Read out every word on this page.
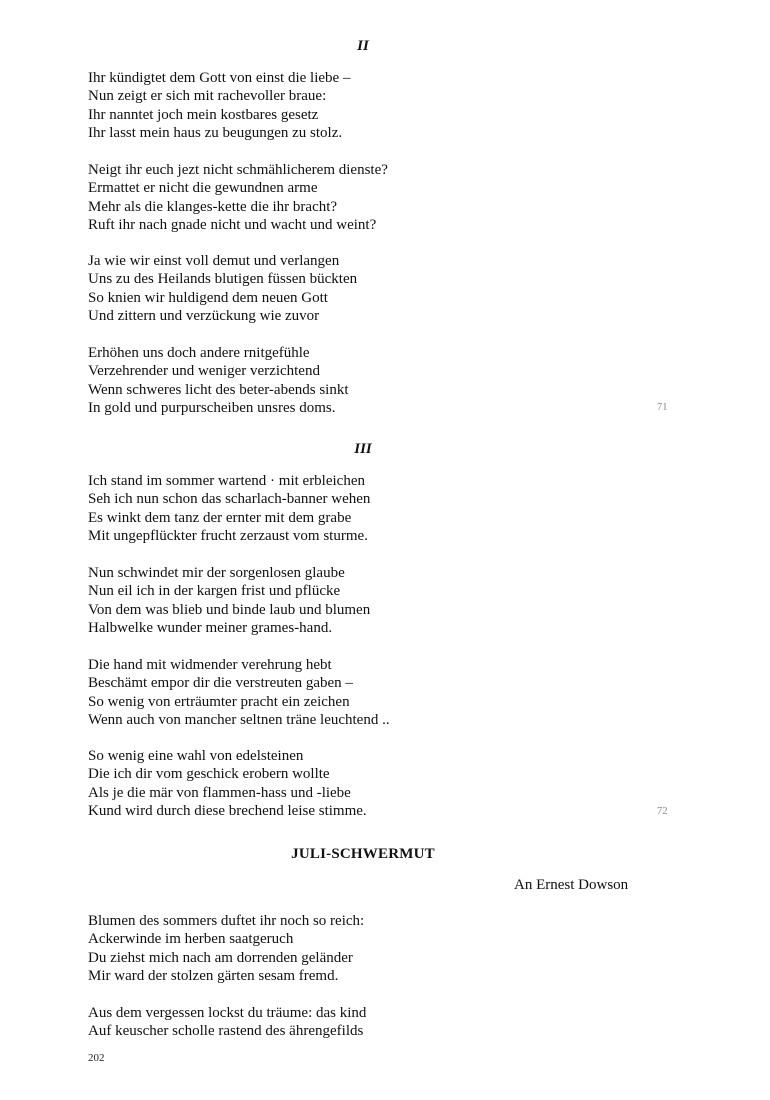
II
Ihr kündigtet dem Gott von einst die liebe –
Nun zeigt er sich mit rachevoller braue:
Ihr nanntet joch mein kostbares gesetz
Ihr lasst mein haus zu beugungen zu stolz.
Neigt ihr euch jezt nicht schmählicherem dienste?
Ermattet er nicht die gewundnen arme
Mehr als die klanges-kette die ihr bracht?
Ruft ihr nach gnade nicht und wacht und weint?
Ja wie wir einst voll demut und verlangen
Uns zu des Heilands blutigen füssen bückten
So knien wir huldigend dem neuen Gott
Und zittern und verzückung wie zuvor
Erhöhen uns doch andere rnitgefühle
Verzehrender und weniger verzichtend
Wenn schweres licht des beter-abends sinkt
In gold und purpurscheiben unsres doms.	71
III
Ich stand im sommer wartend · mit erbleichen
Seh ich nun schon das scharlach-banner wehen
Es winkt dem tanz der ernter mit dem grabe
Mit ungepflückter frucht zerzaust vom sturme.
Nun schwindet mir der sorgenlosen glaube
Nun eil ich in der kargen frist und pflücke
Von dem was blieb und binde laub und blumen
Halbwelke wunder meiner grames-hand.
Die hand mit widmender verehrung hebt
Beschämt empor dir die verstreuten gaben –
So wenig von erträumter pracht ein zeichen
Wenn auch von mancher seltnen träne leuchtend ..
So wenig eine wahl von edelsteinen
Die ich dir vom geschick erobern wollte
Als je die mär von flammen-hass und -liebe
Kund wird durch diese brechend leise stimme.	72
JULI-SCHWERMUT
An Ernest Dowson
Blumen des sommers duftet ihr noch so reich:
Ackerwinde im herben saatgeruch
Du ziehst mich nach am dorrenden geländer
Mir ward der stolzen gärten sesam fremd.
Aus dem vergessen lockst du träume: das kind
Auf keuscher scholle rastend des ährengefilds
202
